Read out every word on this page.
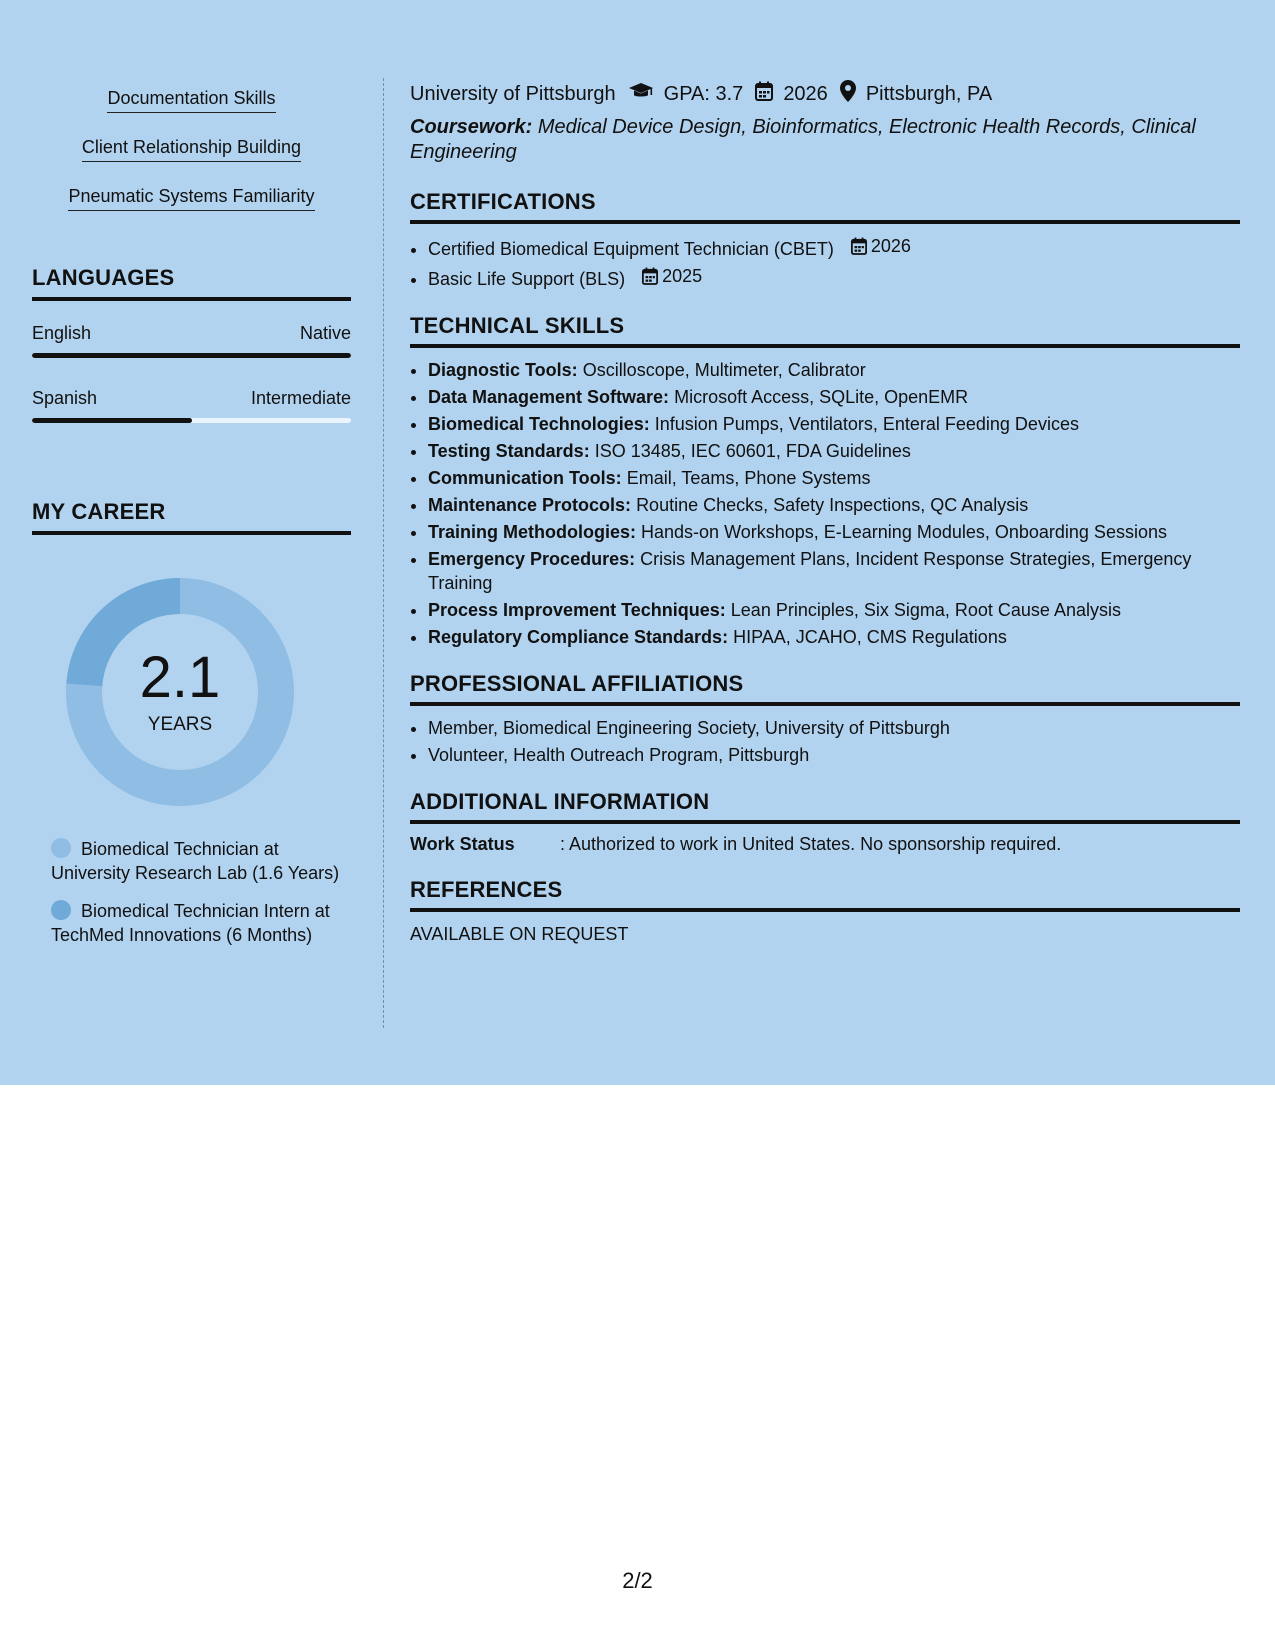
Documentation Skills
Client Relationship Building
Pneumatic Systems Familiarity
LANGUAGES
English	Native
Spanish	Intermediate
MY CAREER
2.1
YEARS
Biomedical Technician at University Research Lab (1.6 Years)
Biomedical Technician Intern at TechMed Innovations (6 Months)
University of Pittsburgh GPA: 3.7 2026 Pittsburgh, PA
Coursework: Medical Device Design, Bioinformatics, Electronic Health Records, Clinical Engineering
CERTIFICATIONS
• Certified Biomedical Equipment Technician (CBET) 2026
• Basic Life Support (BLS) 2025
TECHNICAL SKILLS
• Diagnostic Tools: Oscilloscope, Multimeter, Calibrator
• Data Management Software: Microsoft Access, SQLite, OpenEMR
• Biomedical Technologies: Infusion Pumps, Ventilators, Enteral Feeding Devices
• Testing Standards: ISO 13485, IEC 60601, FDA Guidelines
• Communication Tools: Email, Teams, Phone Systems
• Maintenance Protocols: Routine Checks, Safety Inspections, QC Analysis
• Training Methodologies: Hands-on Workshops, E-Learning Modules, Onboarding Sessions
• Emergency Procedures: Crisis Management Plans, Incident Response Strategies, Emergency Training
• Process Improvement Techniques: Lean Principles, Six Sigma, Root Cause Analysis
• Regulatory Compliance Standards: HIPAA, JCAHO, CMS Regulations
PROFESSIONAL AFFILIATIONS
• Member, Biomedical Engineering Society, University of Pittsburgh
• Volunteer, Health Outreach Program, Pittsburgh
ADDITIONAL INFORMATION
Work Status	: Authorized to work in United States. No sponsorship required.
REFERENCES
AVAILABLE ON REQUEST
2/2
